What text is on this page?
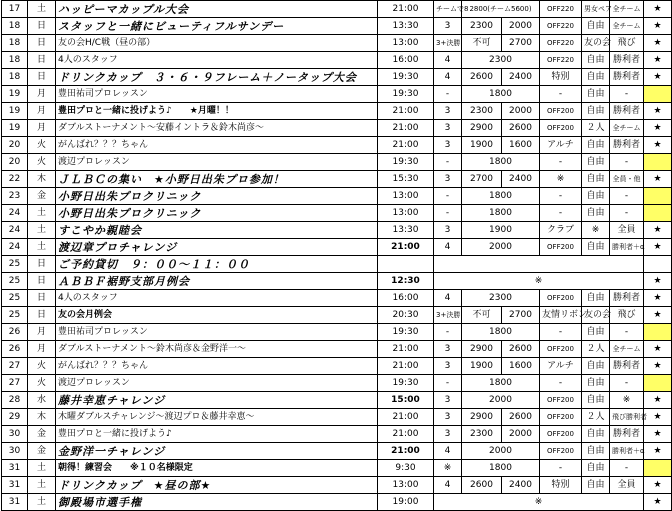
17	土	ハッピーマカップル大会	21:00	チームで8	2800(チーム5600)		OFF220	男女ペア	全チーム	★
18	日	スタッフと一緒にビューティフルサンデー	13:30	3	2300	2000	OFF220	自由	全チーム	★
18	日	友の会H/C戦（昼の部）	13:00	3+決勝	不可	2700	OFF220	友の会	飛び	★
18	日	4人のスタッフ	16:00	4	2300		OFF220	自由	勝利者	★
18	日	ドリンクカップ　３・６・９フレーム＋ノータップ大会	19:30	4	2600	2400	特別	自由	勝利者	★
19	月	豊田祐司プロレッスン	19:30	-	1800		-	自由	-	
19	月	豊田プロと一緒に投げよう♪　　★月曜！！	21:00	3	2300	2000	OFF200	自由	勝利者	★
19	月	ダブルストーナメント～安藤イントラ＆鈴木尚彦～	21:00	3	2900	2600	OFF200	２人	全チーム	★
20	火	がんばれ？？？ちゃん	21:00	3	1900	1600	アルチ	自由	勝利者	★
20	火	渡辺プロレッスン	19:30	-	1800		-	自由	-	
22	木	ＪＬＢＣの集い　★小野日出朱プロ参加！	15:30	3	2700	2400	※	自由	全員・他	★
23	金	小野日出朱プロクリニック	13:00	-	1800		-	自由	-	
24	土	小野日出朱プロクリニック	13:00	-	1800		-	自由	-	
24	土	すこやか親睦会	13:30	3	1900		クラブ	※	全員	★
24	土	渡辺章プロチャレンジ	21:00	4	2000		OFF200	自由	勝利者＋α	★
25	日	ご予約貸切　９：００～１１：００								
25	日	ＡＢＢＦ裾野支部月例会	12:30	※						★
25	日	4人のスタッフ	16:00	4	2300		OFF200	自由	勝利者	★
25	日	友の会月例会	20:30	3+決勝	不可	2700	友情リボン	友の会	飛び	★
26	月	豊田祐司プロレッスン	19:30	-	1800		-	自由	-	
26	月	ダブルストーナメント～鈴木尚彦＆金野洋一～	21:00	3	2900	2600	OFF200	２人	全チーム	★
27	火	がんばれ？？？ちゃん	21:00	3	1900	1600	アルチ	自由	勝利者	★
27	火	渡辺プロレッスン	19:30	-	1800		-	自由	-	
28	水	藤井幸恵チャレンジ	15:00	3	2000		OFF200	自由	※	★
29	木	木曜ダブルスチャレンジ～渡辺プロ＆藤井幸恵～	21:00	3	2900	2600	OFF200	２人	飛び勝利者	★
30	金	豊田プロと一緒に投げよう♪	21:00	3	2300	2000	OFF200	自由	勝利者	★
30	金	金野洋一チャレンジ	21:00	4	2000		OFF200	自由	勝利者＋α	★
31	土	朝得！練習会　　※１０名様限定	9:30	※	1800		-	自由	-	
31	土	ドリンクカップ　★昼の部★	13:00	4	2600	2400	特別	自由	全員	★
31	土	御殿場市選手権	19:00	※						★
